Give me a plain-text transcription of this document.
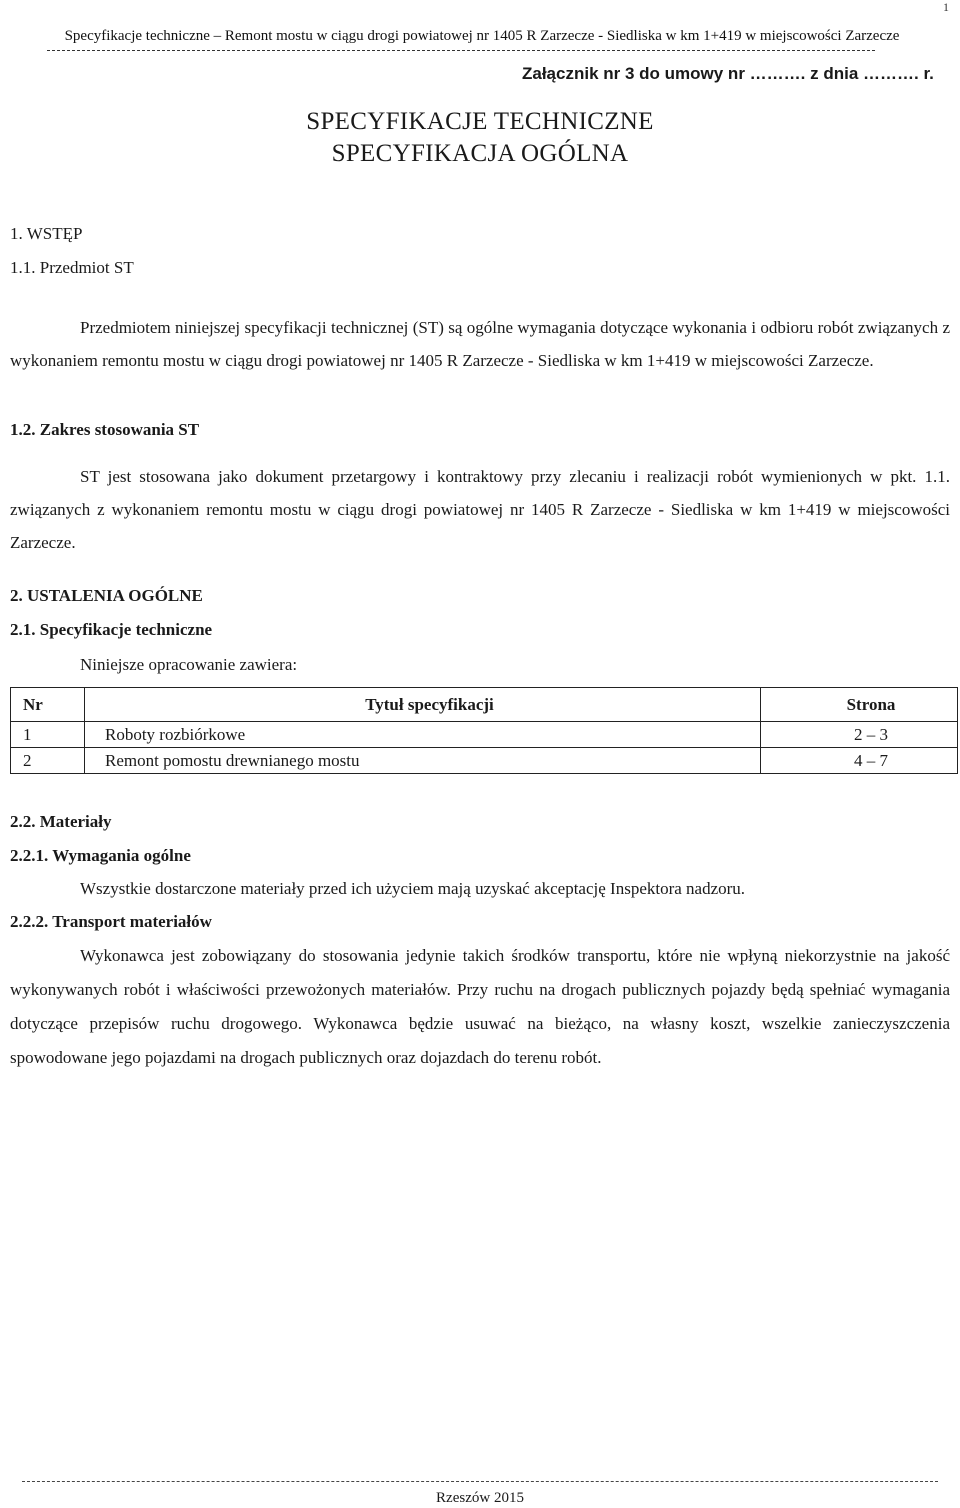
1
Specyfikacje techniczne – Remont mostu w ciągu drogi powiatowej nr 1405 R Zarzecze - Siedliska w km 1+419 w miejscowości Zarzecze
Załącznik nr 3 do umowy nr ………. z dnia ………. r.
SPECYFIKACJE TECHNICZNE
SPECYFIKACJA OGÓLNA
1. WSTĘP
1.1. Przedmiot ST
Przedmiotem niniejszej specyfikacji technicznej (ST) są ogólne wymagania dotyczące wykonania i odbioru robót związanych z wykonaniem remontu mostu w ciągu drogi powiatowej nr 1405 R Zarzecze - Siedliska w km 1+419 w miejscowości Zarzecze.
1.2. Zakres stosowania ST
ST jest stosowana jako dokument przetargowy i kontraktowy przy zlecaniu i realizacji robót wymienionych w pkt. 1.1. związanych z wykonaniem remontu mostu w ciągu drogi powiatowej nr 1405 R Zarzecze - Siedliska w km 1+419 w miejscowości Zarzecze.
2. USTALENIA OGÓLNE
2.1. Specyfikacje techniczne
Niniejsze opracowanie zawiera:
Nr	Tytuł specyfikacji	Strona
1	Roboty rozbiórkowe	2 – 3
2	Remont pomostu drewnianego mostu	4 – 7
2.2. Materiały
2.2.1. Wymagania ogólne
Wszystkie dostarczone materiały przed ich użyciem mają uzyskać akceptację Inspektora nadzoru.
2.2.2. Transport materiałów
Wykonawca jest zobowiązany do stosowania jedynie takich środków transportu, które nie wpłyną niekorzystnie na jakość wykonywanych robót i właściwości przewożonych materiałów. Przy ruchu na drogach publicznych pojazdy będą spełniać wymagania dotyczące przepisów ruchu drogowego. Wykonawca będzie usuwać na bieżąco, na własny koszt, wszelkie zanieczyszczenia spowodowane jego pojazdami na drogach publicznych oraz dojazdach do terenu robót.
Rzeszów 2015
